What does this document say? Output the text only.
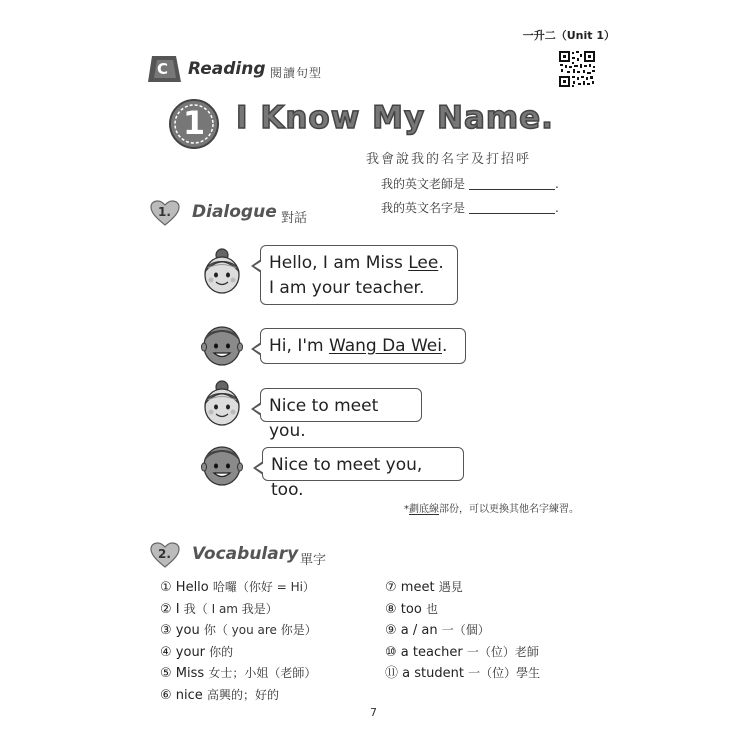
一升二（Unit 1）
C Reading 閱讀句型
1 I Know My Name.
我會說我的名字及打招呼
我的英文老師是	.
我的英文名字是	.
1. Dialogue 對話
Hello, I am Miss Lee.
I am your teacher.
Hi, I'm Wang Da Wei.
Nice to meet you.
Nice to meet you, too.
*劃底線部份，可以更換其他名字練習。
2. Vocabulary 單字
① Hello 哈囉（你好 = Hi）
② I 我（ I am 我是）
③ you 你（ you are 你是）
④ your 你的
⑤ Miss 女士；小姐（老師）
⑥ nice 高興的；好的
⑦ meet 遇見
⑧ too 也
⑨ a / an 一（個）
⑩ a teacher 一（位）老師
⑪ a student 一（位）學生
7
